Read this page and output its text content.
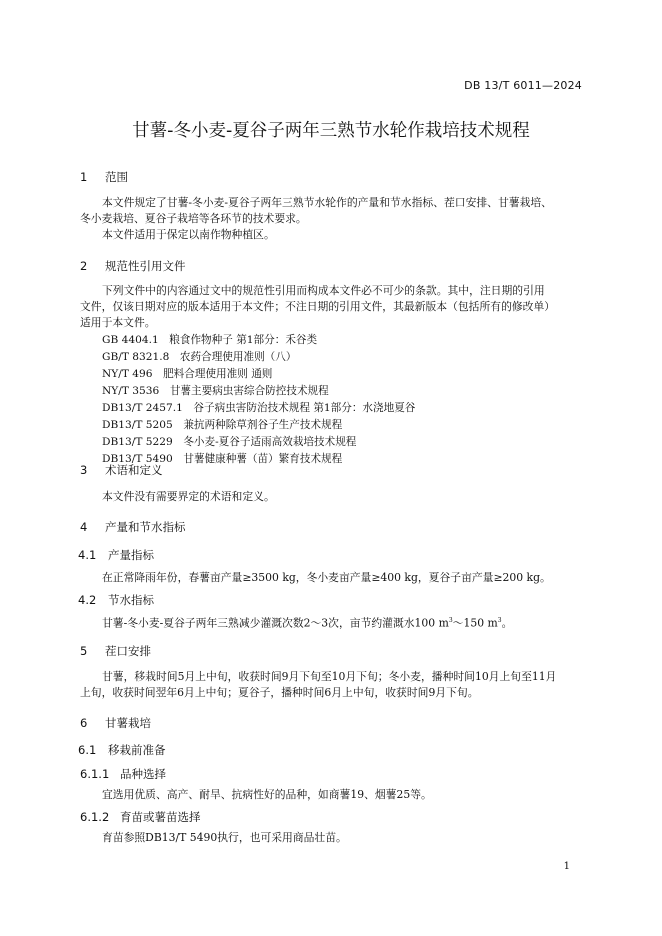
DB 13/T 6011—2024
甘薯-冬小麦-夏谷子两年三熟节水轮作栽培技术规程
1 范围
本文件规定了甘薯-冬小麦-夏谷子两年三熟节水轮作的产量和节水指标、茬口安排、甘薯栽培、
冬小麦栽培、夏谷子栽培等各环节的技术要求。
本文件适用于保定以南作物种植区。
2 规范性引用文件
下列文件中的内容通过文中的规范性引用而构成本文件必不可少的条款。其中，注日期的引用
文件，仅该日期对应的版本适用于本文件；不注日期的引用文件，其最新版本（包括所有的修改单）
适用于本文件。
GB 4404.1　粮食作物种子 第1部分：禾谷类
GB/T 8321.8　农药合理使用准则（八）
NY/T 496　肥料合理使用准则 通则
NY/T 3536　甘薯主要病虫害综合防控技术规程
DB13/T 2457.1　谷子病虫害防治技术规程 第1部分：水浇地夏谷
DB13/T 5205　兼抗两种除草剂谷子生产技术规程
DB13/T 5229　冬小麦-夏谷子适雨高效栽培技术规程
DB13/T 5490　甘薯健康种薯（苗）繁育技术规程
3 术语和定义
本文件没有需要界定的术语和定义。
4 产量和节水指标
4.1 产量指标
在正常降雨年份，春薯亩产量≥3500 kg，冬小麦亩产量≥400 kg，夏谷子亩产量≥200 kg。
4.2 节水指标
甘薯-冬小麦-夏谷子两年三熟减少灌溉次数2～3次，亩节约灌溉水100 $m^3\sim 150$ $m^3$。
5 茬口安排
甘薯，移栽时间5月上中旬，收获时间9月下旬至10月下旬；冬小麦，播种时间10月上旬至11月
上旬，收获时间翌年6月上中旬；夏谷子，播种时间6月上中旬，收获时间9月下旬。
6 甘薯栽培
6.1 移栽前准备
6.1.1 品种选择
宜选用优质、高产、耐旱、抗病性好的品种，如商薯19、烟薯25等。
6.1.2 育苗或薯苗选择
育苗参照DB13/T 5490执行，也可采用商品壮苗。
1
